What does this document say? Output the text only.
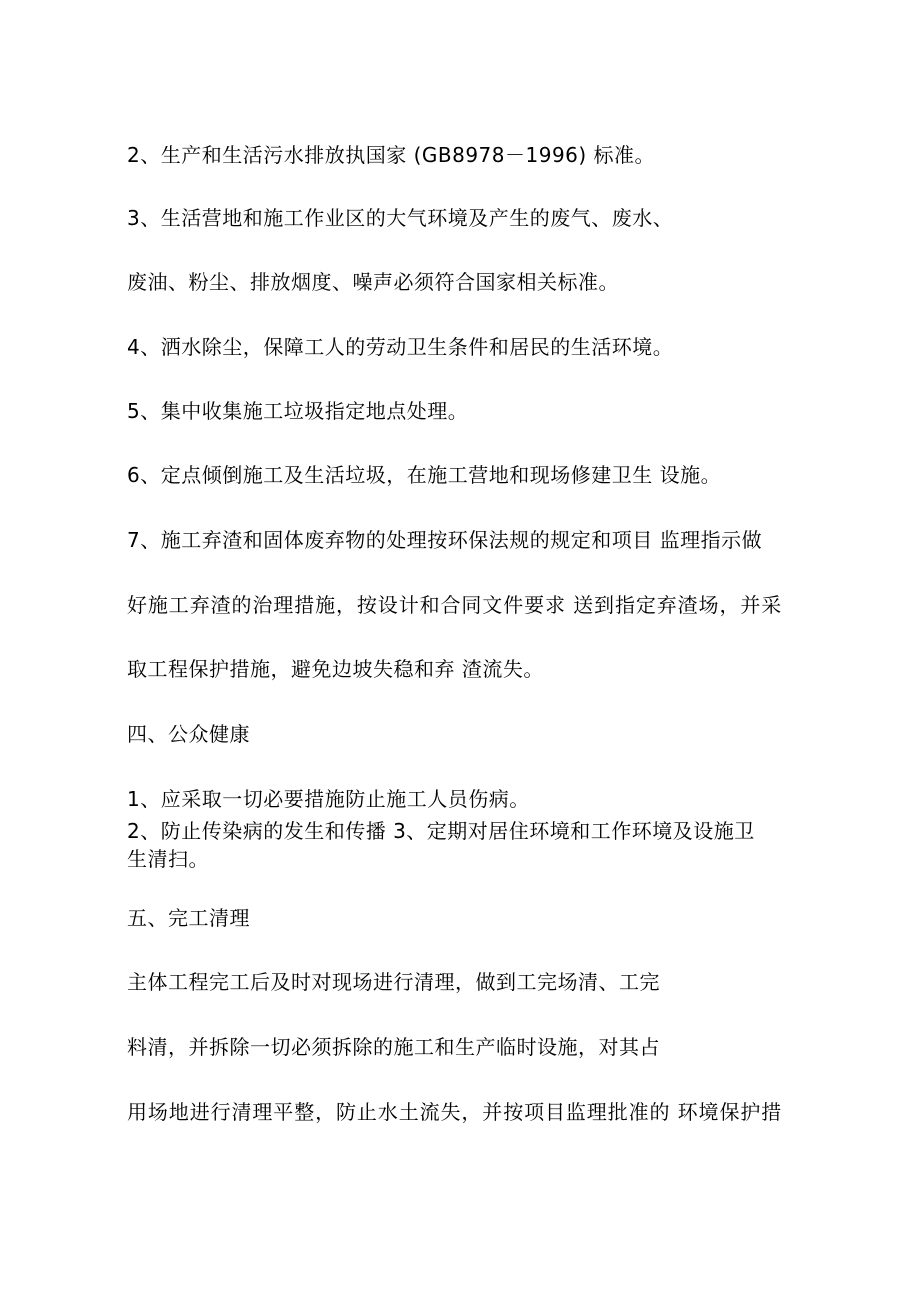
2、生产和生活污水排放执国家 (GB8978－1996) 标准。
3、生活营地和施工作业区的大气环境及产生的废气、废水、
废油、粉尘、排放烟度、噪声必须符合国家相关标准。
4、洒水除尘，保障工人的劳动卫生条件和居民的生活环境。
5、集中收集施工垃圾指定地点处理。
6、定点倾倒施工及生活垃圾，在施工营地和现场修建卫生 设施。
7、施工弃渣和固体废弃物的处理按环保法规的规定和项目 监理指示做
好施工弃渣的治理措施，按设计和合同文件要求 送到指定弃渣场，并采
取工程保护措施，避免边坡失稳和弃 渣流失。
四、公众健康
1、应采取一切必要措施防止施工人员伤病。
2、防止传染病的发生和传播 3、定期对居住环境和工作环境及设施卫
生清扫。
五、完工清理
主体工程完工后及时对现场进行清理，做到工完场清、工完
料清，并拆除一切必须拆除的施工和生产临时设施，对其占
用场地进行清理平整，防止水土流失，并按项目监理批准的 环境保护措
